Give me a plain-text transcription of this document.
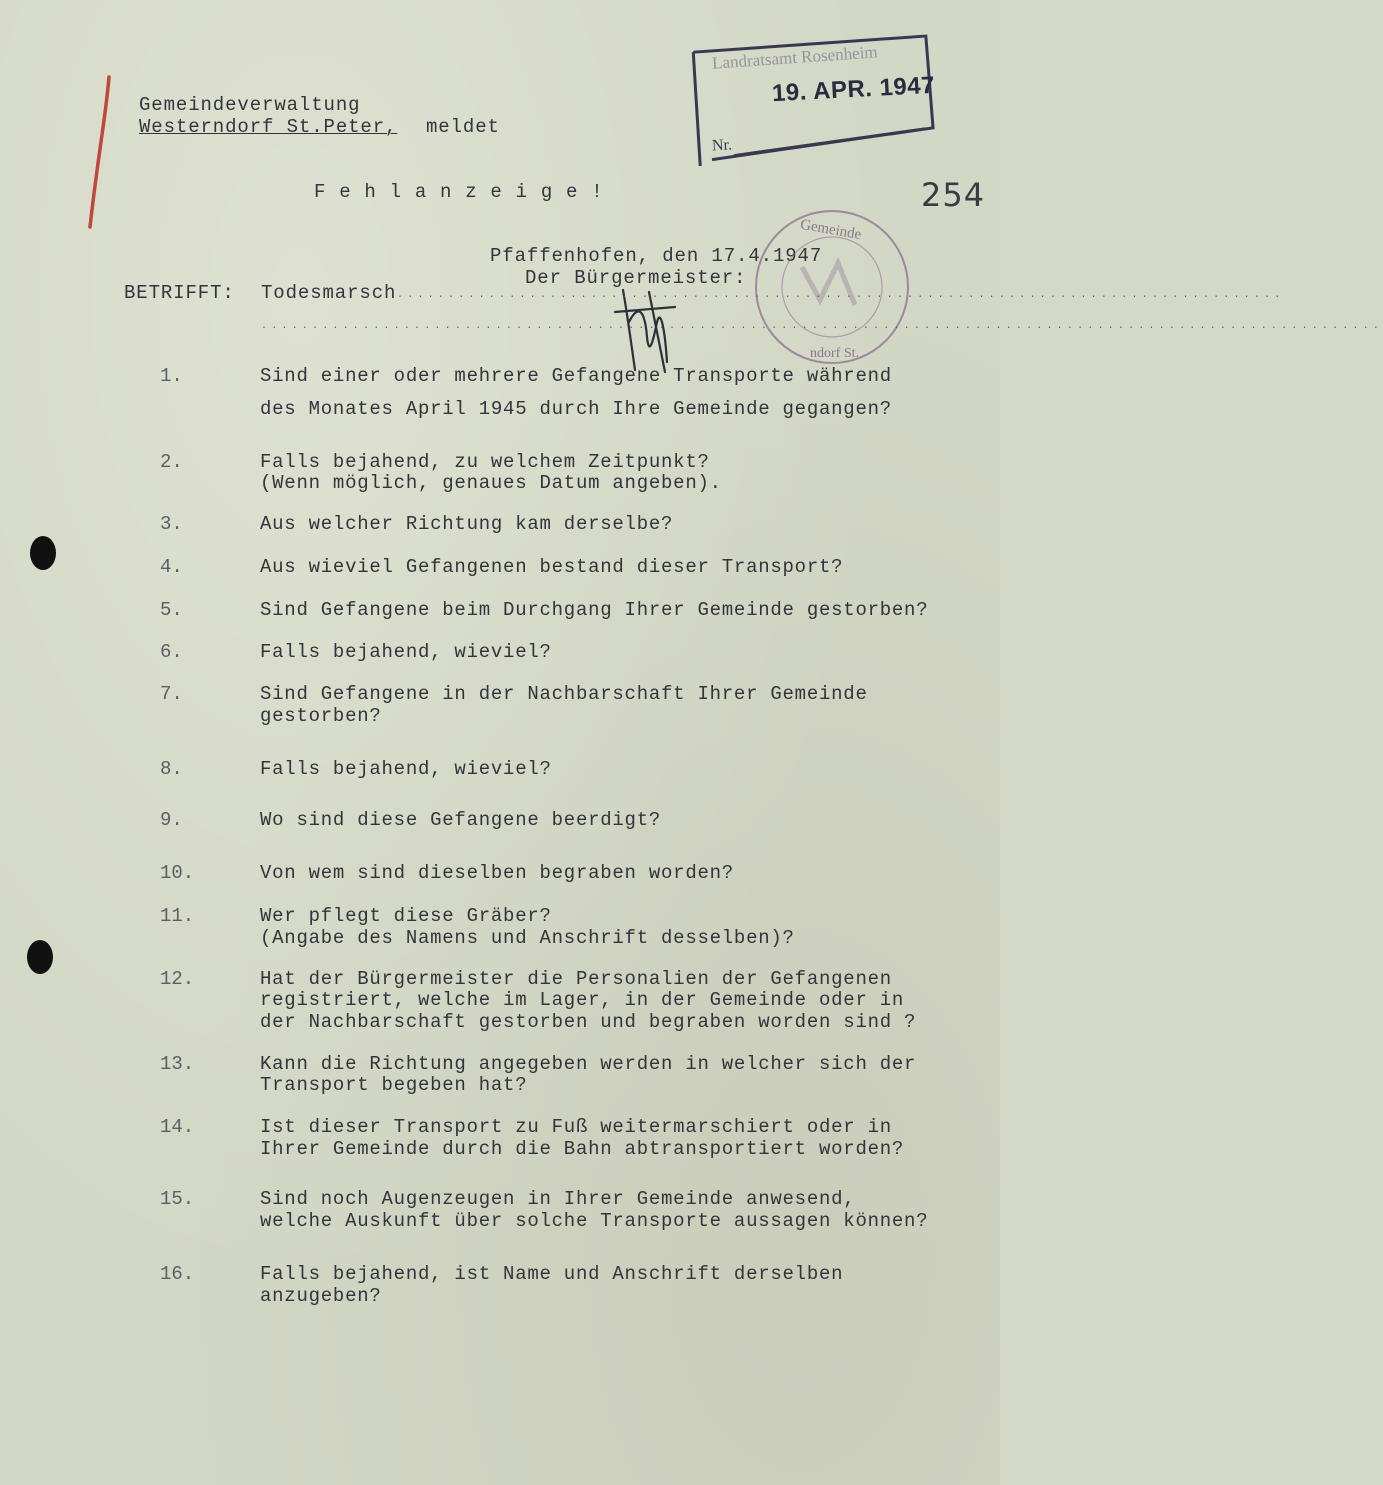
Gemeindeverwaltung
Westerndorf St.Peter, meldet
Landratsamt Rosenheim
19. APR. 1947
Nr.
254
F e h l a n z e i g e !
Pfaffenhofen, den 17.4.1947
Der Bürgermeister:
Gemeinde
ndorf St.
BETRIFFT: Todesmarsch .......................................................................................
..............................................................................................................
1.	Sind einer oder mehrere Gefangene Transporte während
des Monates April 1945 durch Ihre Gemeinde gegangen?
2.	Falls bejahend, zu welchem Zeitpunkt?
(Wenn möglich, genaues Datum angeben).
3.	Aus welcher Richtung kam derselbe?
4.	Aus wieviel Gefangenen bestand dieser Transport?
5.	Sind Gefangene beim Durchgang Ihrer Gemeinde gestorben?
6.	Falls bejahend, wieviel?
7.	Sind Gefangene in der Nachbarschaft Ihrer Gemeinde
gestorben?
8.	Falls bejahend, wieviel?
9.	Wo sind diese Gefangene beerdigt?
10.	Von wem sind dieselben begraben worden?
11.	Wer pflegt diese Gräber?
(Angabe des Namens und Anschrift desselben)?
12.	Hat der Bürgermeister die Personalien der Gefangenen
registriert, welche im Lager, in der Gemeinde oder in
der Nachbarschaft gestorben und begraben worden sind ?
13.	Kann die Richtung angegeben werden in welcher sich der
Transport begeben hat?
14.	Ist dieser Transport zu Fuß weitermarschiert oder in
Ihrer Gemeinde durch die Bahn abtransportiert worden?
15.	Sind noch Augenzeugen in Ihrer Gemeinde anwesend,
welche Auskunft über solche Transporte aussagen können?
16.	Falls bejahend, ist Name und Anschrift derselben
anzugeben?
